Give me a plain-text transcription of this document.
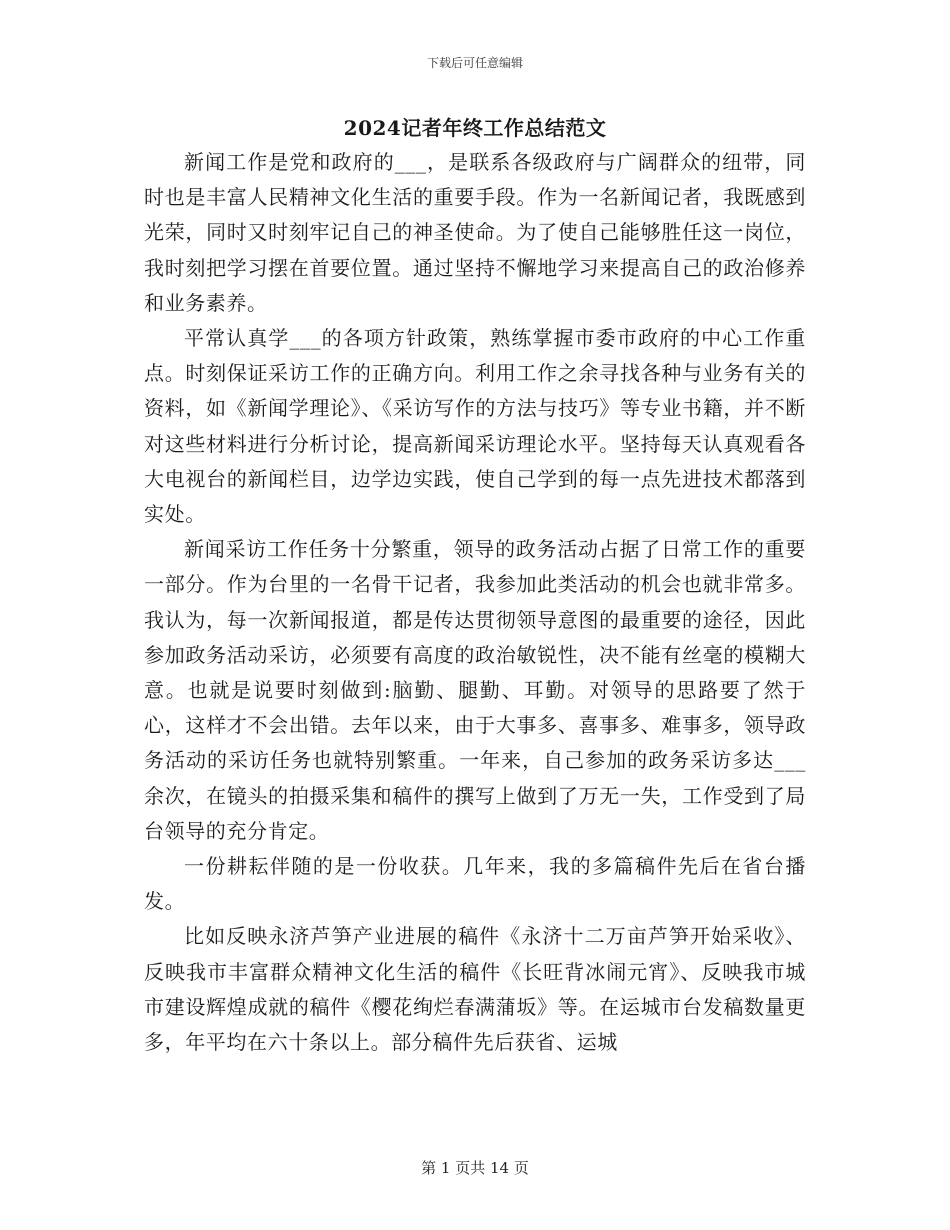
下载后可任意编辑
2024记者年终工作总结范文

新闻工作是党和政府的___，是联系各级政府与广阔群众的纽带，同时也是丰富人民精神文化生活的重要手段。作为一名新闻记者，我既感到光荣，同时又时刻牢记自己的神圣使命。为了使自己能够胜任这一岗位，我时刻把学习摆在首要位置。通过坚持不懈地学习来提高自己的政治修养和业务素养。

平常认真学___的各项方针政策，熟练掌握市委市政府的中心工作重点。时刻保证采访工作的正确方向。利用工作之余寻找各种与业务有关的资料，如《新闻学理论》、《采访写作的方法与技巧》等专业书籍，并不断对这些材料进行分析讨论，提高新闻采访理论水平。坚持每天认真观看各大电视台的新闻栏目，边学边实践，使自己学到的每一点先进技术都落到实处。

新闻采访工作任务十分繁重，领导的政务活动占据了日常工作的重要一部分。作为台里的一名骨干记者，我参加此类活动的机会也就非常多。我认为，每一次新闻报道，都是传达贯彻领导意图的最重要的途径，因此参加政务活动采访，必须要有高度的政治敏锐性，决不能有丝毫的模糊大意。也就是说要时刻做到:脑勤、腿勤、耳勤。对领导的思路要了然于心，这样才不会出错。去年以来，由于大事多、喜事多、难事多，领导政务活动的采访任务也就特别繁重。一年来，自己参加的政务采访多达___余次，在镜头的拍摄采集和稿件的撰写上做到了万无一失，工作受到了局台领导的充分肯定。

一份耕耘伴随的是一份收获。几年来，我的多篇稿件先后在省台播发。

比如反映永济芦笋产业进展的稿件《永济十二万亩芦笋开始采收》、反映我市丰富群众精神文化生活的稿件《长旺背冰闹元宵》、反映我市城市建设辉煌成就的稿件《樱花绚烂春满蒲坂》等。在运城市台发稿数量更多，年平均在六十条以上。部分稿件先后获省、运城

第 1 页共 14 页
